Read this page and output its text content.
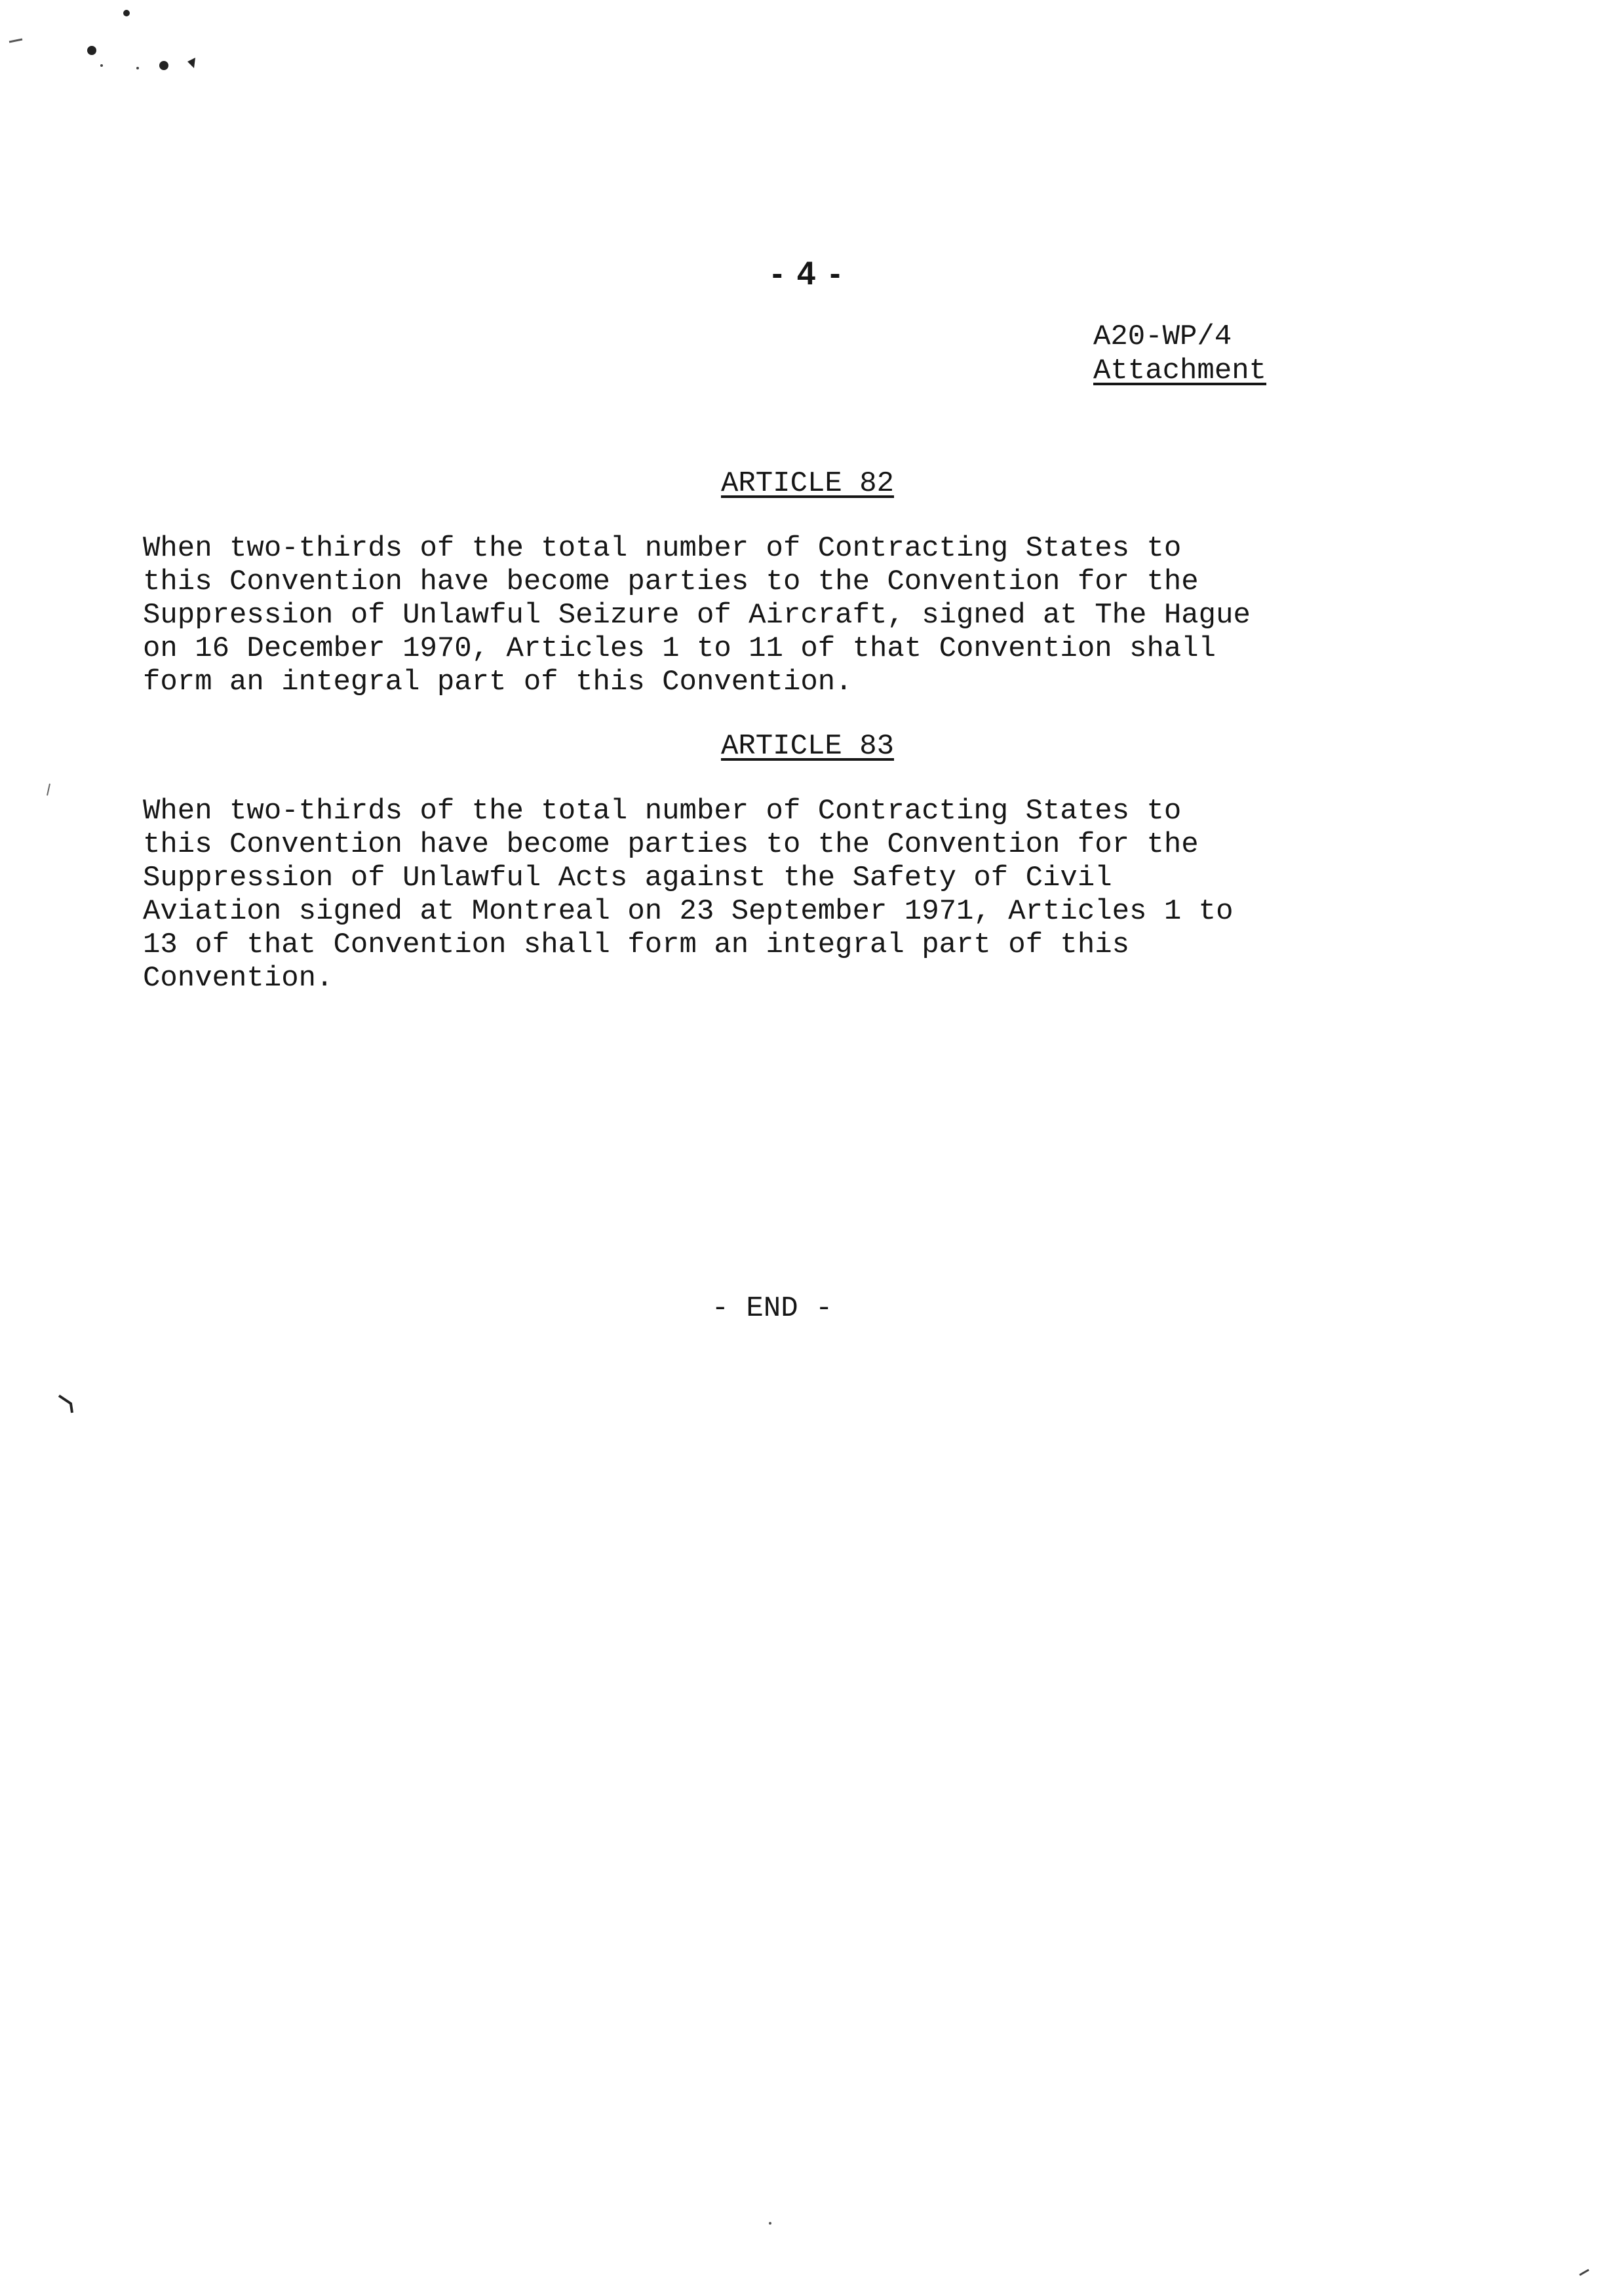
- 4 -
A20-WP/4
Attachment
ARTICLE 82

When two-thirds of the total number of Contracting States to
this Convention have become parties to the Convention for the
Suppression of Unlawful Seizure of Aircraft, signed at The Hague
on 16 December 1970, Articles 1 to 11 of that Convention shall
form an integral part of this Convention.

ARTICLE 83

When two-thirds of the total number of Contracting States to
this Convention have become parties to the Convention for the
Suppression of Unlawful Acts against the Safety of Civil
Aviation signed at Montreal on 23 September 1971, Articles 1 to
13 of that Convention shall form an integral part of this
Convention.

- END -
